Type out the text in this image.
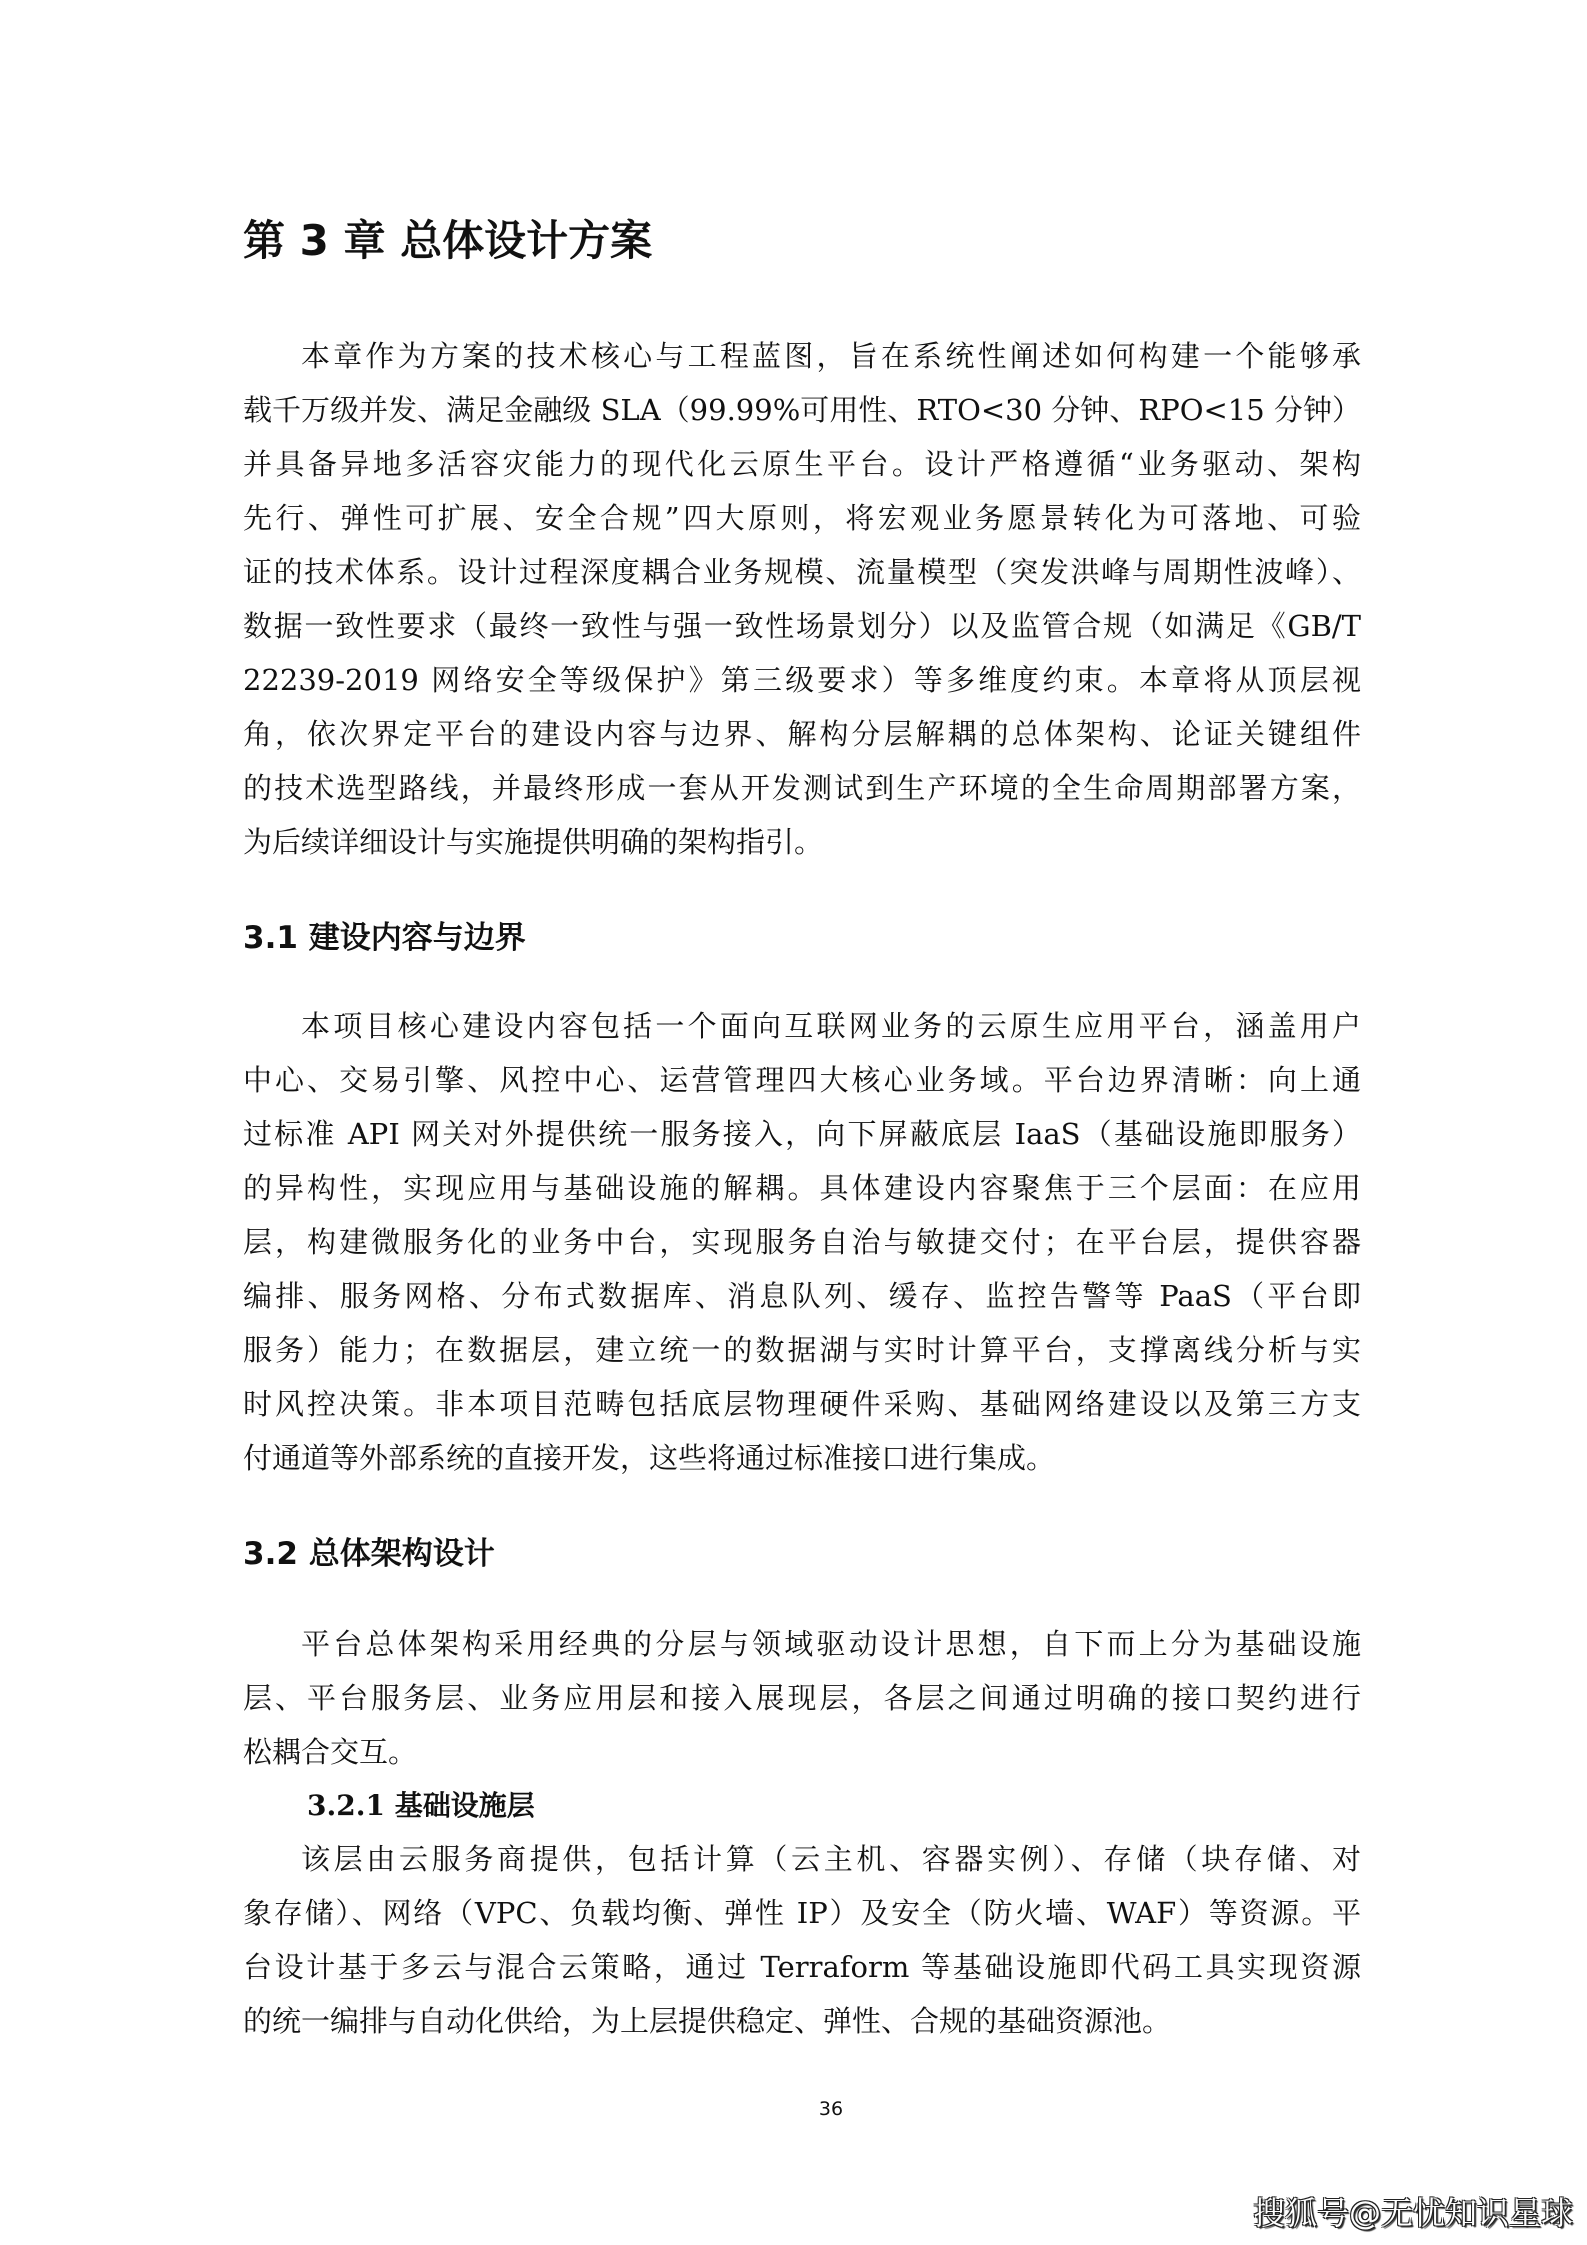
第 3 章 总体设计方案
本章作为方案的技术核心与工程蓝图，旨在系统性阐述如何构建一个能够承
载千万级并发、满足金融级 SLA（99.99%可用性、RTO<30 分钟、RPO<15 分钟）
并具备异地多活容灾能力的现代化云原生平台。设计严格遵循“业务驱动、架构
先行、弹性可扩展、安全合规”四大原则，将宏观业务愿景转化为可落地、可验
证的技术体系。设计过程深度耦合业务规模、流量模型（突发洪峰与周期性波峰）、
数据一致性要求（最终一致性与强一致性场景划分）以及监管合规（如满足《GB/T
22239-2019 网络安全等级保护》第三级要求）等多维度约束。本章将从顶层视
角，依次界定平台的建设内容与边界、解构分层解耦的总体架构、论证关键组件
的技术选型路线，并最终形成一套从开发测试到生产环境的全生命周期部署方案，
为后续详细设计与实施提供明确的架构指引。
3.1 建设内容与边界
本项目核心建设内容包括一个面向互联网业务的云原生应用平台，涵盖用户
中心、交易引擎、风控中心、运营管理四大核心业务域。平台边界清晰：向上通
过标准 API 网关对外提供统一服务接入，向下屏蔽底层 IaaS（基础设施即服务）
的异构性，实现应用与基础设施的解耦。具体建设内容聚焦于三个层面：在应用
层，构建微服务化的业务中台，实现服务自治与敏捷交付；在平台层，提供容器
编排、服务网格、分布式数据库、消息队列、缓存、监控告警等 PaaS（平台即
服务）能力；在数据层，建立统一的数据湖与实时计算平台，支撑离线分析与实
时风控决策。非本项目范畴包括底层物理硬件采购、基础网络建设以及第三方支
付通道等外部系统的直接开发，这些将通过标准接口进行集成。
3.2 总体架构设计
平台总体架构采用经典的分层与领域驱动设计思想，自下而上分为基础设施
层、平台服务层、业务应用层和接入展现层，各层之间通过明确的接口契约进行
松耦合交互。
3.2.1 基础设施层
该层由云服务商提供，包括计算（云主机、容器实例）、存储（块存储、对
象存储）、网络（VPC、负载均衡、弹性 IP）及安全（防火墙、WAF）等资源。平
台设计基于多云与混合云策略，通过 Terraform 等基础设施即代码工具实现资源
的统一编排与自动化供给，为上层提供稳定、弹性、合规的基础资源池。
36
搜狐号@无忧知识星球
